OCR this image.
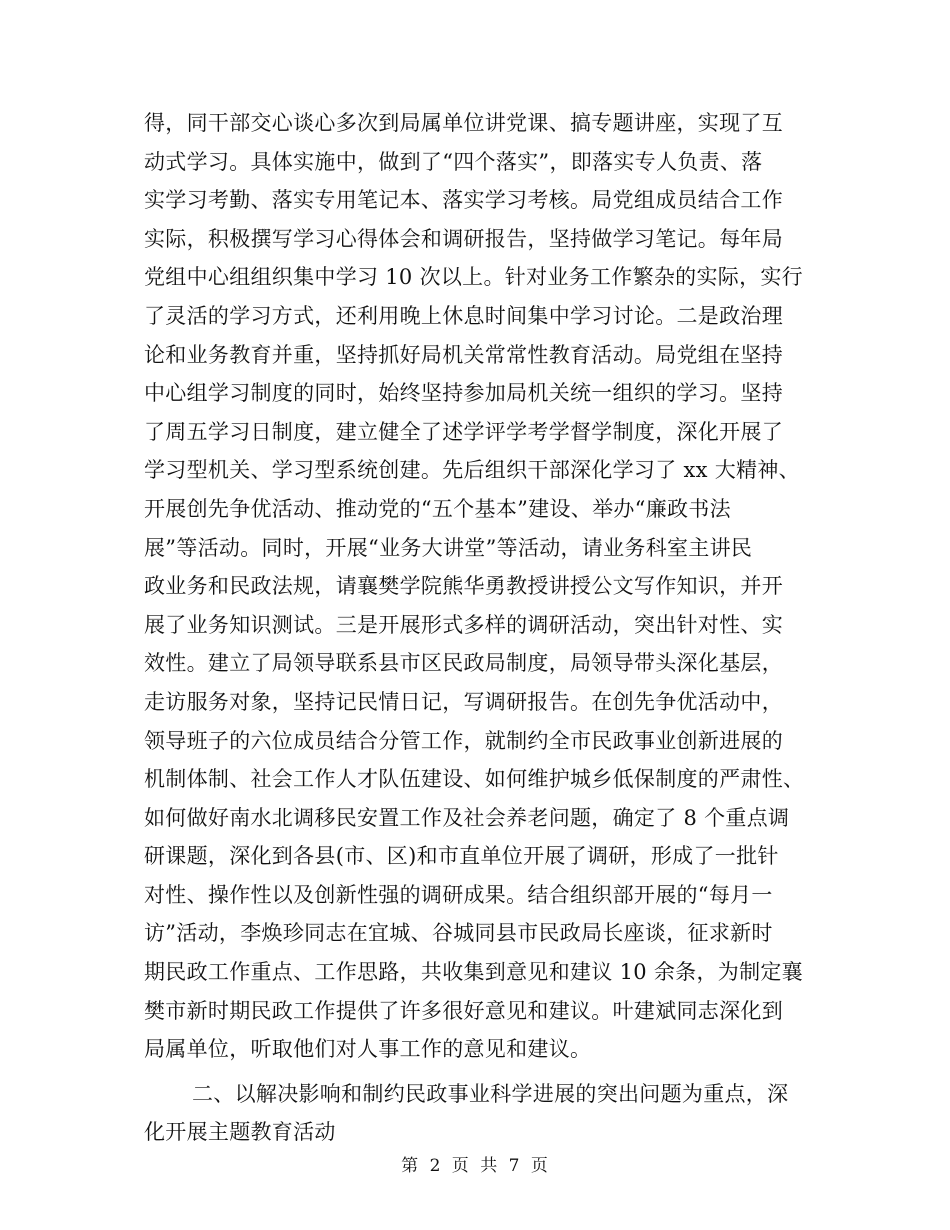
得，同干部交心谈心多次到局属单位讲党课、搞专题讲座，实现了互
动式学习。具体实施中，做到了“四个落实”，即落实专人负责、落
实学习考勤、落实专用笔记本、落实学习考核。局党组成员结合工作
实际，积极撰写学习心得体会和调研报告，坚持做学习笔记。每年局
党组中心组组织集中学习 10 次以上。针对业务工作繁杂的实际，实行
了灵活的学习方式，还利用晚上休息时间集中学习讨论。二是政治理
论和业务教育并重，坚持抓好局机关常常性教育活动。局党组在坚持
中心组学习制度的同时，始终坚持参加局机关统一组织的学习。坚持
了周五学习日制度，建立健全了述学评学考学督学制度，深化开展了
学习型机关、学习型系统创建。先后组织干部深化学习了 xx 大精神、
开展创先争优活动、推动党的“五个基本”建设、举办“廉政书法
展”等活动。同时，开展“业务大讲堂”等活动，请业务科室主讲民
政业务和民政法规，请襄樊学院熊华勇教授讲授公文写作知识，并开
展了业务知识测试。三是开展形式多样的调研活动，突出针对性、实
效性。建立了局领导联系县市区民政局制度，局领导带头深化基层，
走访服务对象，坚持记民情日记，写调研报告。在创先争优活动中，
领导班子的六位成员结合分管工作，就制约全市民政事业创新进展的
机制体制、社会工作人才队伍建设、如何维护城乡低保制度的严肃性、
如何做好南水北调移民安置工作及社会养老问题，确定了 8 个重点调
研课题，深化到各县(市、区)和市直单位开展了调研，形成了一批针
对性、操作性以及创新性强的调研成果。结合组织部开展的“每月一
访”活动，李焕珍同志在宜城、谷城同县市民政局长座谈，征求新时
期民政工作重点、工作思路，共收集到意见和建议 10 余条，为制定襄
樊市新时期民政工作提供了许多很好意见和建议。叶建斌同志深化到
局属单位，听取他们对人事工作的意见和建议。
二、以解决影响和制约民政事业科学进展的突出问题为重点，深
化开展主题教育活动
第 2 页 共 7 页
